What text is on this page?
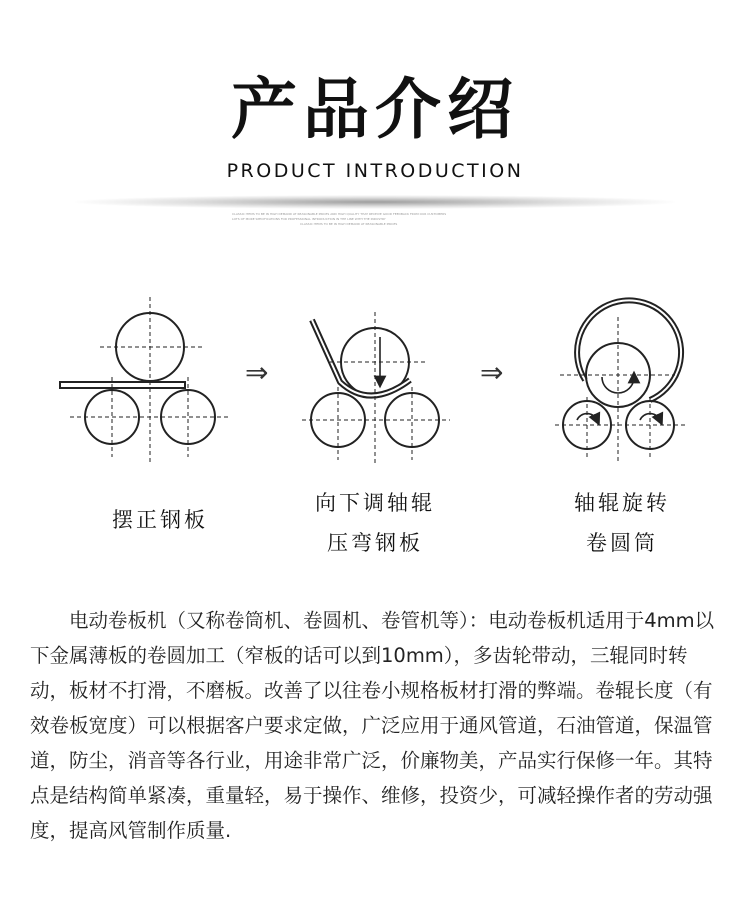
产品介绍
PRODUCT INTRODUCTION
CLASSIC ITEMS TO BE IN HIGH DEMAND AT REASONABLE PRICES AND HIGH QUALITY THAT RECEIVE GOOD FEEDBACK FROM OUR CUSTOMERS
LOTS OF MORE SPECIFICATIONS FOR PROFESSIONAL INTRODUCTION IN THE LINE WITH THE INDUSTRY
CLASSIC ITEMS TO BE IN HIGH DEMAND AT REASONABLE PRICES
⇒	⇒
摆正钢板
向下调轴辊
压弯钢板
轴辊旋转
卷圆筒

电动卷板机（又称卷筒机、卷圆机、卷管机等）：电动卷板机适用于4mm以下金属薄板的卷圆加工（窄板的话可以到10mm），多齿轮带动，三辊同时转动，板材不打滑，不磨板。改善了以往卷小规格板材打滑的弊端。卷辊长度（有效卷板宽度）可以根据客户要求定做，广泛应用于通风管道，石油管道，保温管道，防尘，消音等各行业，用途非常广泛，价廉物美，产品实行保修一年。其特点是结构简单紧凑，重量轻，易于操作、维修，投资少，可减轻操作者的劳动强度，提高风管制作质量.
